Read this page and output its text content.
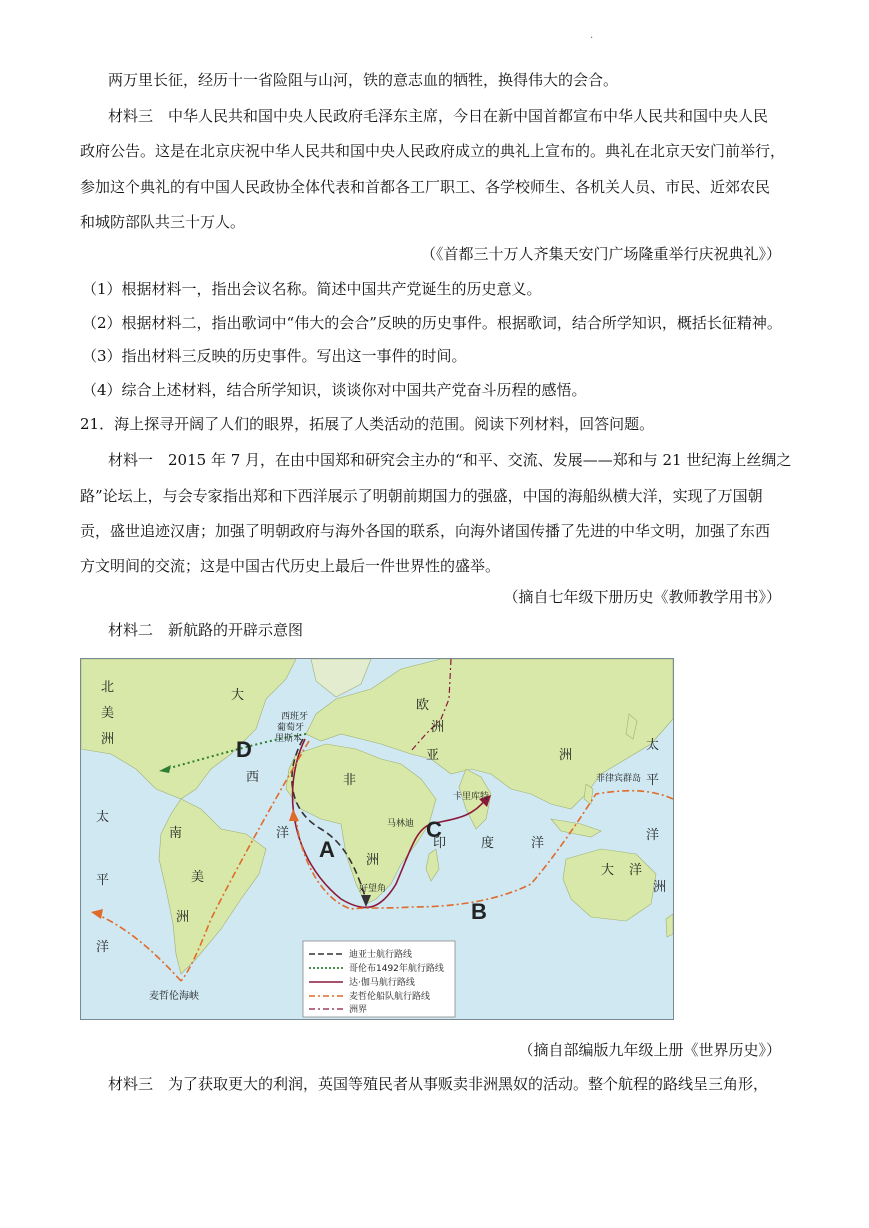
.
两万里长征，经历十一省险阻与山河，铁的意志血的牺牲，换得伟大的会合。
材料三　中华人民共和国中央人民政府毛泽东主席，今日在新中国首都宣布中华人民共和国中央人民
政府公告。这是在北京庆祝中华人民共和国中央人民政府成立的典礼上宣布的。典礼在北京天安门前举行，
参加这个典礼的有中国人民政协全体代表和首都各工厂职工、各学校师生、各机关人员、市民、近郊农民
和城防部队共三十万人。
（《首都三十万人齐集天安门广场隆重举行庆祝典礼》）
（1）根据材料一，指出会议名称。简述中国共产党诞生的历史意义。
（2）根据材料二，指出歌词中“伟大的会合”反映的历史事件。根据歌词，结合所学知识，概括长征精神。
（3）指出材料三反映的历史事件。写出这一事件的时间。
（4）综合上述材料，结合所学知识，谈谈你对中国共产党奋斗历程的感悟。
21．海上探寻开阔了人们的眼界，拓展了人类活动的范围。阅读下列材料，回答问题。
材料一　2015 年 7 月，在由中国郑和研究会主办的“和平、交流、发展——郑和与 21 世纪海上丝绸之
路”论坛上，与会专家指出郑和下西洋展示了明朝前期国力的强盛，中国的海船纵横大洋，实现了万国朝
贡，盛世追迹汉唐；加强了明朝政府与海外各国的联系，向海外诸国传播了先进的中华文明，加强了东西
方文明间的交流；这是中国古代历史上最后一件世界性的盛举。
（摘自七年级下册历史《教师教学用书》）
材料二　新航路的开辟示意图
北
美
洲
大
西
洋
欧
洲
亚	洲
太
平
洋
非
洲
南
美
洲
太
平
洋
印	度	洋
大 洋
洲
西班牙
葡萄牙
里斯本
卡里库特
马林迪
好望角
菲律宾群岛
麦哲伦海峡
A
B
C
D
迪亚士航行路线
哥伦布1492年航行路线
达·伽马航行路线
麦哲伦船队航行路线
洲界
（摘自部编版九年级上册《世界历史》）
材料三　为了获取更大的利润，英国等殖民者从事贩卖非洲黑奴的活动。整个航程的路线呈三角形，
